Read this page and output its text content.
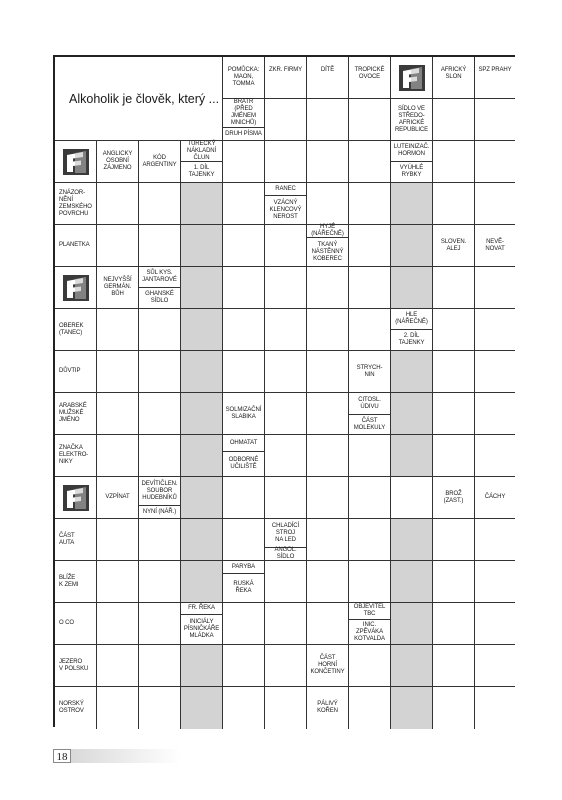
Alkoholik je člověk, který ...
POMŮCKA:
MAON,
TOMMA
ZKR. FIRMY	DÍTĚ	TROPICKÉ
OVOCE
AFRICKÝ
SLON
SPZ PRAHY
BRATR (PŘED
JMÉNEM
MNICHŮ)
DRUH PÍSMA
SÍDLO VE
STŘEDO-
AFRICKÉ
REPUBLICE
ANGLICKY
OSOBNÍ
ZÁJMENO
KÓD
ARGENTINY
TURECKÝ
NÁKLADNÍ
ČLUN
1. DÍL
TAJENKY
LUTEINIZAČ.
HORMON
VYÚHLÉ
RYBKY
ZNÁZOR-
NĚNÍ
ZEMSKÉHO
POVRCHU
RANEC
VZÁCNÝ
KLENCOVÝ
NEROST
PLANETKA
HYJÉ
(NÁŘEČNĚ)
TKANÝ
NÁSTĚNNÝ
KOBEREC
SLOVEN.
ALEJ
NEVĚ-
NOVAT
NEJVYŠŠÍ
GERMÁN.
BŮH
SŮL KYS.
JANTAROVÉ
GHANSKÉ
SÍDLO
OBEREK
(TANEC)
HLE
(NÁŘEČNĚ)
2. DÍL
TAJENKY
DŮVTIP
STRYCH-
NIN
ARABSKÉ
MUŽSKÉ
JMÉNO
SOLMIZAČNÍ
SLABIKA
CITOSL.
ÚDIVU
ČÁST
MOLEKULY
ZNAČKA
ELEKTRO-
NIKY
OHMATAT
ODBORNÉ
UČILIŠTĚ
VZPÍNAT
DEVÍTIČLEN.
SOUBOR
HUDEBNÍKŮ
NYNÍ (NÁŘ.)
BROŽ
(ZAST.)
ČÁCHY
ČÁST
AUTA
CHLADÍCÍ
STROJ
NA LED
ANGOL. SÍDLO
BLÍŽE
K ZEMI
PARYBA
RUSKÁ
ŘEKA
O CO
FR. ŘEKA
INICIÁLY
PÍSNIČKÁŘE
MLÁDKA
OBJEVITEL
TBC
INIC.
ZPĚVÁKA
KOTVALDA
JEZERO
V POLSKU
ČÁST
HORNÍ
KONČETINY
NORSKÝ
OSTROV
PÁLIVÝ
KOŘEN
18
